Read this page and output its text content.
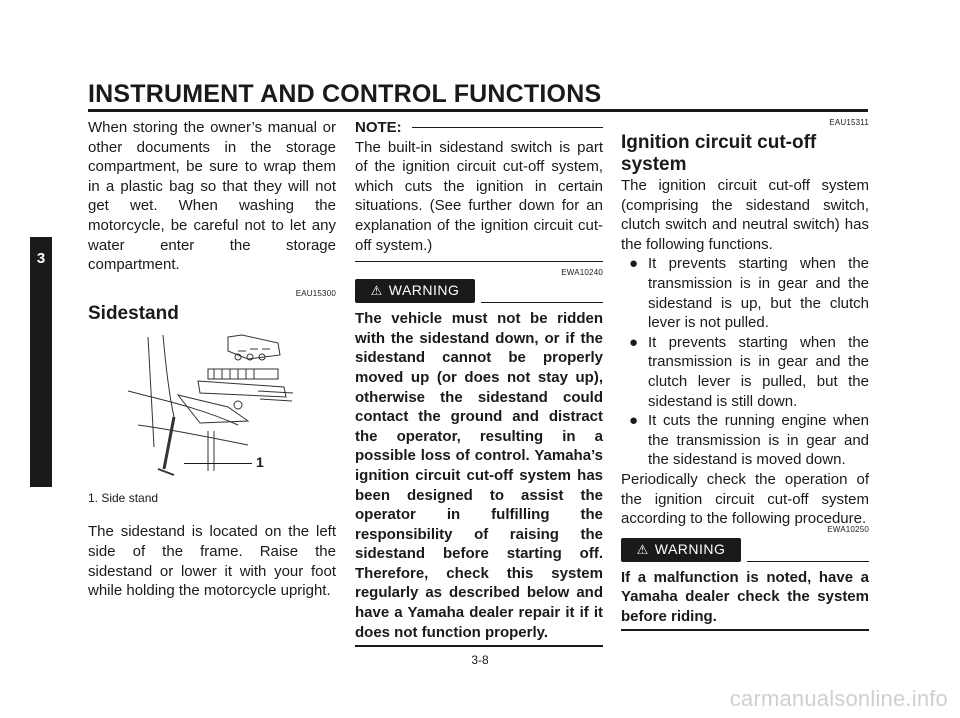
INSTRUMENT AND CONTROL FUNCTIONS
3

When storing the owner’s manual or other documents in the storage compartment, be sure to wrap them in a plastic bag so that they will not get wet. When washing the motorcycle, be careful not to let any water enter the storage compartment.

EAU15300

Sidestand

1

1. Side stand

The sidestand is located on the left side of the frame. Raise the sidestand or lower it with your foot while holding the motorcycle upright.

NOTE:

The built-in sidestand switch is part of the ignition circuit cut-off system, which cuts the ignition in certain situations. (See further down for an explanation of the ignition circuit cut-off system.)

EWA10240
⚠ WARNING

The vehicle must not be ridden with the sidestand down, or if the sidestand cannot be properly moved up (or does not stay up), otherwise the sidestand could contact the ground and distract the operator, resulting in a possible loss of control. Yamaha’s ignition circuit cut-off system has been designed to assist the operator in fulfilling the responsibility of raising the sidestand before starting off. Therefore, check this system regularly as described below and have a Yamaha dealer repair it if it does not function properly.

EAU15311

Ignition circuit cut-off

system

The ignition circuit cut-off system (comprising the sidestand switch, clutch switch and neutral switch) has the following functions.

● It prevents starting when the transmission is in gear and the sidestand is up, but the clutch lever is not pulled.
● It prevents starting when the transmission is in gear and the clutch lever is pulled, but the sidestand is still down.
● It cuts the running engine when the transmission is in gear and the sidestand is moved down.

Periodically check the operation of the ignition circuit cut-off system according to the following procedure.

EWA10250
⚠ WARNING

If a malfunction is noted, have a Yamaha dealer check the system before riding.

3-8
carmanualsonline.info
